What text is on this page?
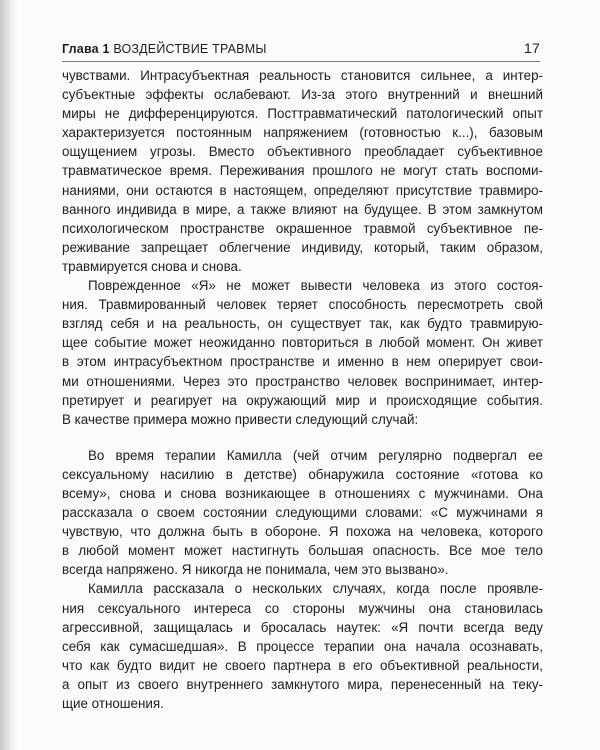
Глава 1 ВОЗДЕЙСТВИЕ ТРАВМЫ	17

чувствами. Интрасубъектная реальность становится сильнее, а интер-

субъектные эффекты ослабевают. Из-за этого внутренний и внешний

миры не дифференцируются. Посттравматический патологический опыт

характеризуется постоянным напряжением (готовностью к...), базовым

ощущением угрозы. Вместо объективного преобладает субъективное

травматическое время. Переживания прошлого не могут стать воспоми-

наниями, они остаются в настоящем, определяют присутствие травмиро-

ванного индивида в мире, а также влияют на будущее. В этом замкнутом

психологическом пространстве окрашенное травмой субъективное пе-

реживание запрещает облегчение индивиду, который, таким образом,

травмируется снова и снова.

Поврежденное «Я» не может вывести человека из этого состоя-

ния. Травмированный человек теряет способность пересмотреть свой

взгляд себя и на реальность, он существует так, как будто травмирую-

щее событие может неожиданно повториться в любой момент. Он живет

в этом интрасубъектном пространстве и именно в нем оперирует свои-

ми отношениями. Через это пространство человек воспринимает, интер-

претирует и реагирует на окружающий мир и происходящие события.

В качестве примера можно привести следующий случай:

Во время терапии Камилла (чей отчим регулярно подвергал ее

сексуальному насилию в детстве) обнаружила состояние «готова ко

всему», снова и снова возникающее в отношениях с мужчинами. Она

рассказала о своем состоянии следующими словами: «С мужчинами я

чувствую, что должна быть в обороне. Я похожа на человека, которого

в любой момент может настигнуть большая опасность. Все мое тело

всегда напряжено. Я никогда не понимала, чем это вызвано».

Камилла рассказала о нескольких случаях, когда после проявле-

ния сексуального интереса со стороны мужчины она становилась

агрессивной, защищалась и бросалась наутек: «Я почти всегда веду

себя как сумасшедшая». В процессе терапии она начала осознавать,

что как будто видит не своего партнера в его объективной реальности,

а опыт из своего внутреннего замкнутого мира, перенесенный на теку-

щие отношения.
